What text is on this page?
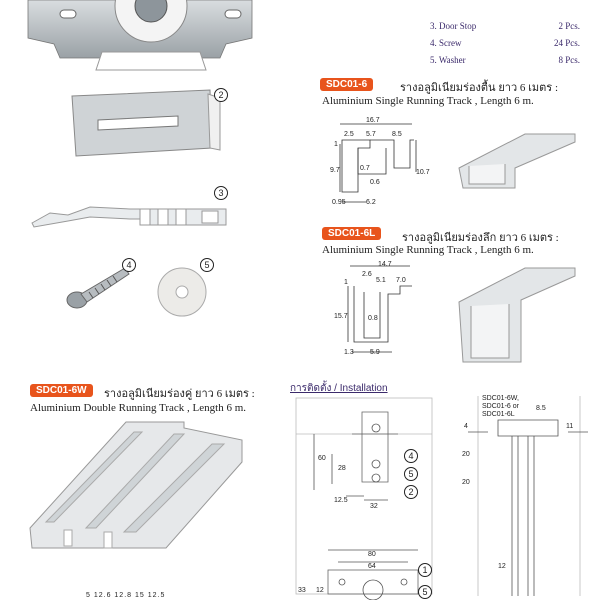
3. Door Stop	2 Pcs.
4. Screw	24 Pcs.
5. Washer	8 Pcs.
2
3
4	5
SDC01-6	รางอลูมิเนียมร่องตื้น ยาว 6 เมตร :
Aluminium Single Running Track , Length 6 m.
16.7
2.5 5.7 8.5
1
9.7	0.7
10.7
0.6
0.95	6.2
SDC01-6L	รางอลูมิเนียมร่องลึก ยาว 6 เมตร :
Aluminium Single Running Track , Length 6 m.
14.7
2.6
5.1 7.0
1
15.7	0.8
1.3 5.9
SDC01-6W	รางอลูมิเนียมร่องคู่ ยาว 6 เมตร :
Aluminium Double Running Track , Length 6 m.
5 12.6 12.8 15 12.5
การติดตั้ง / Installation
60
28
12.5
32
80
64
33 12
4
5
2
1
5
SDC01-6W,
SDC01-6 or
SDC01-6L
8.5
4	11
20
20
12
